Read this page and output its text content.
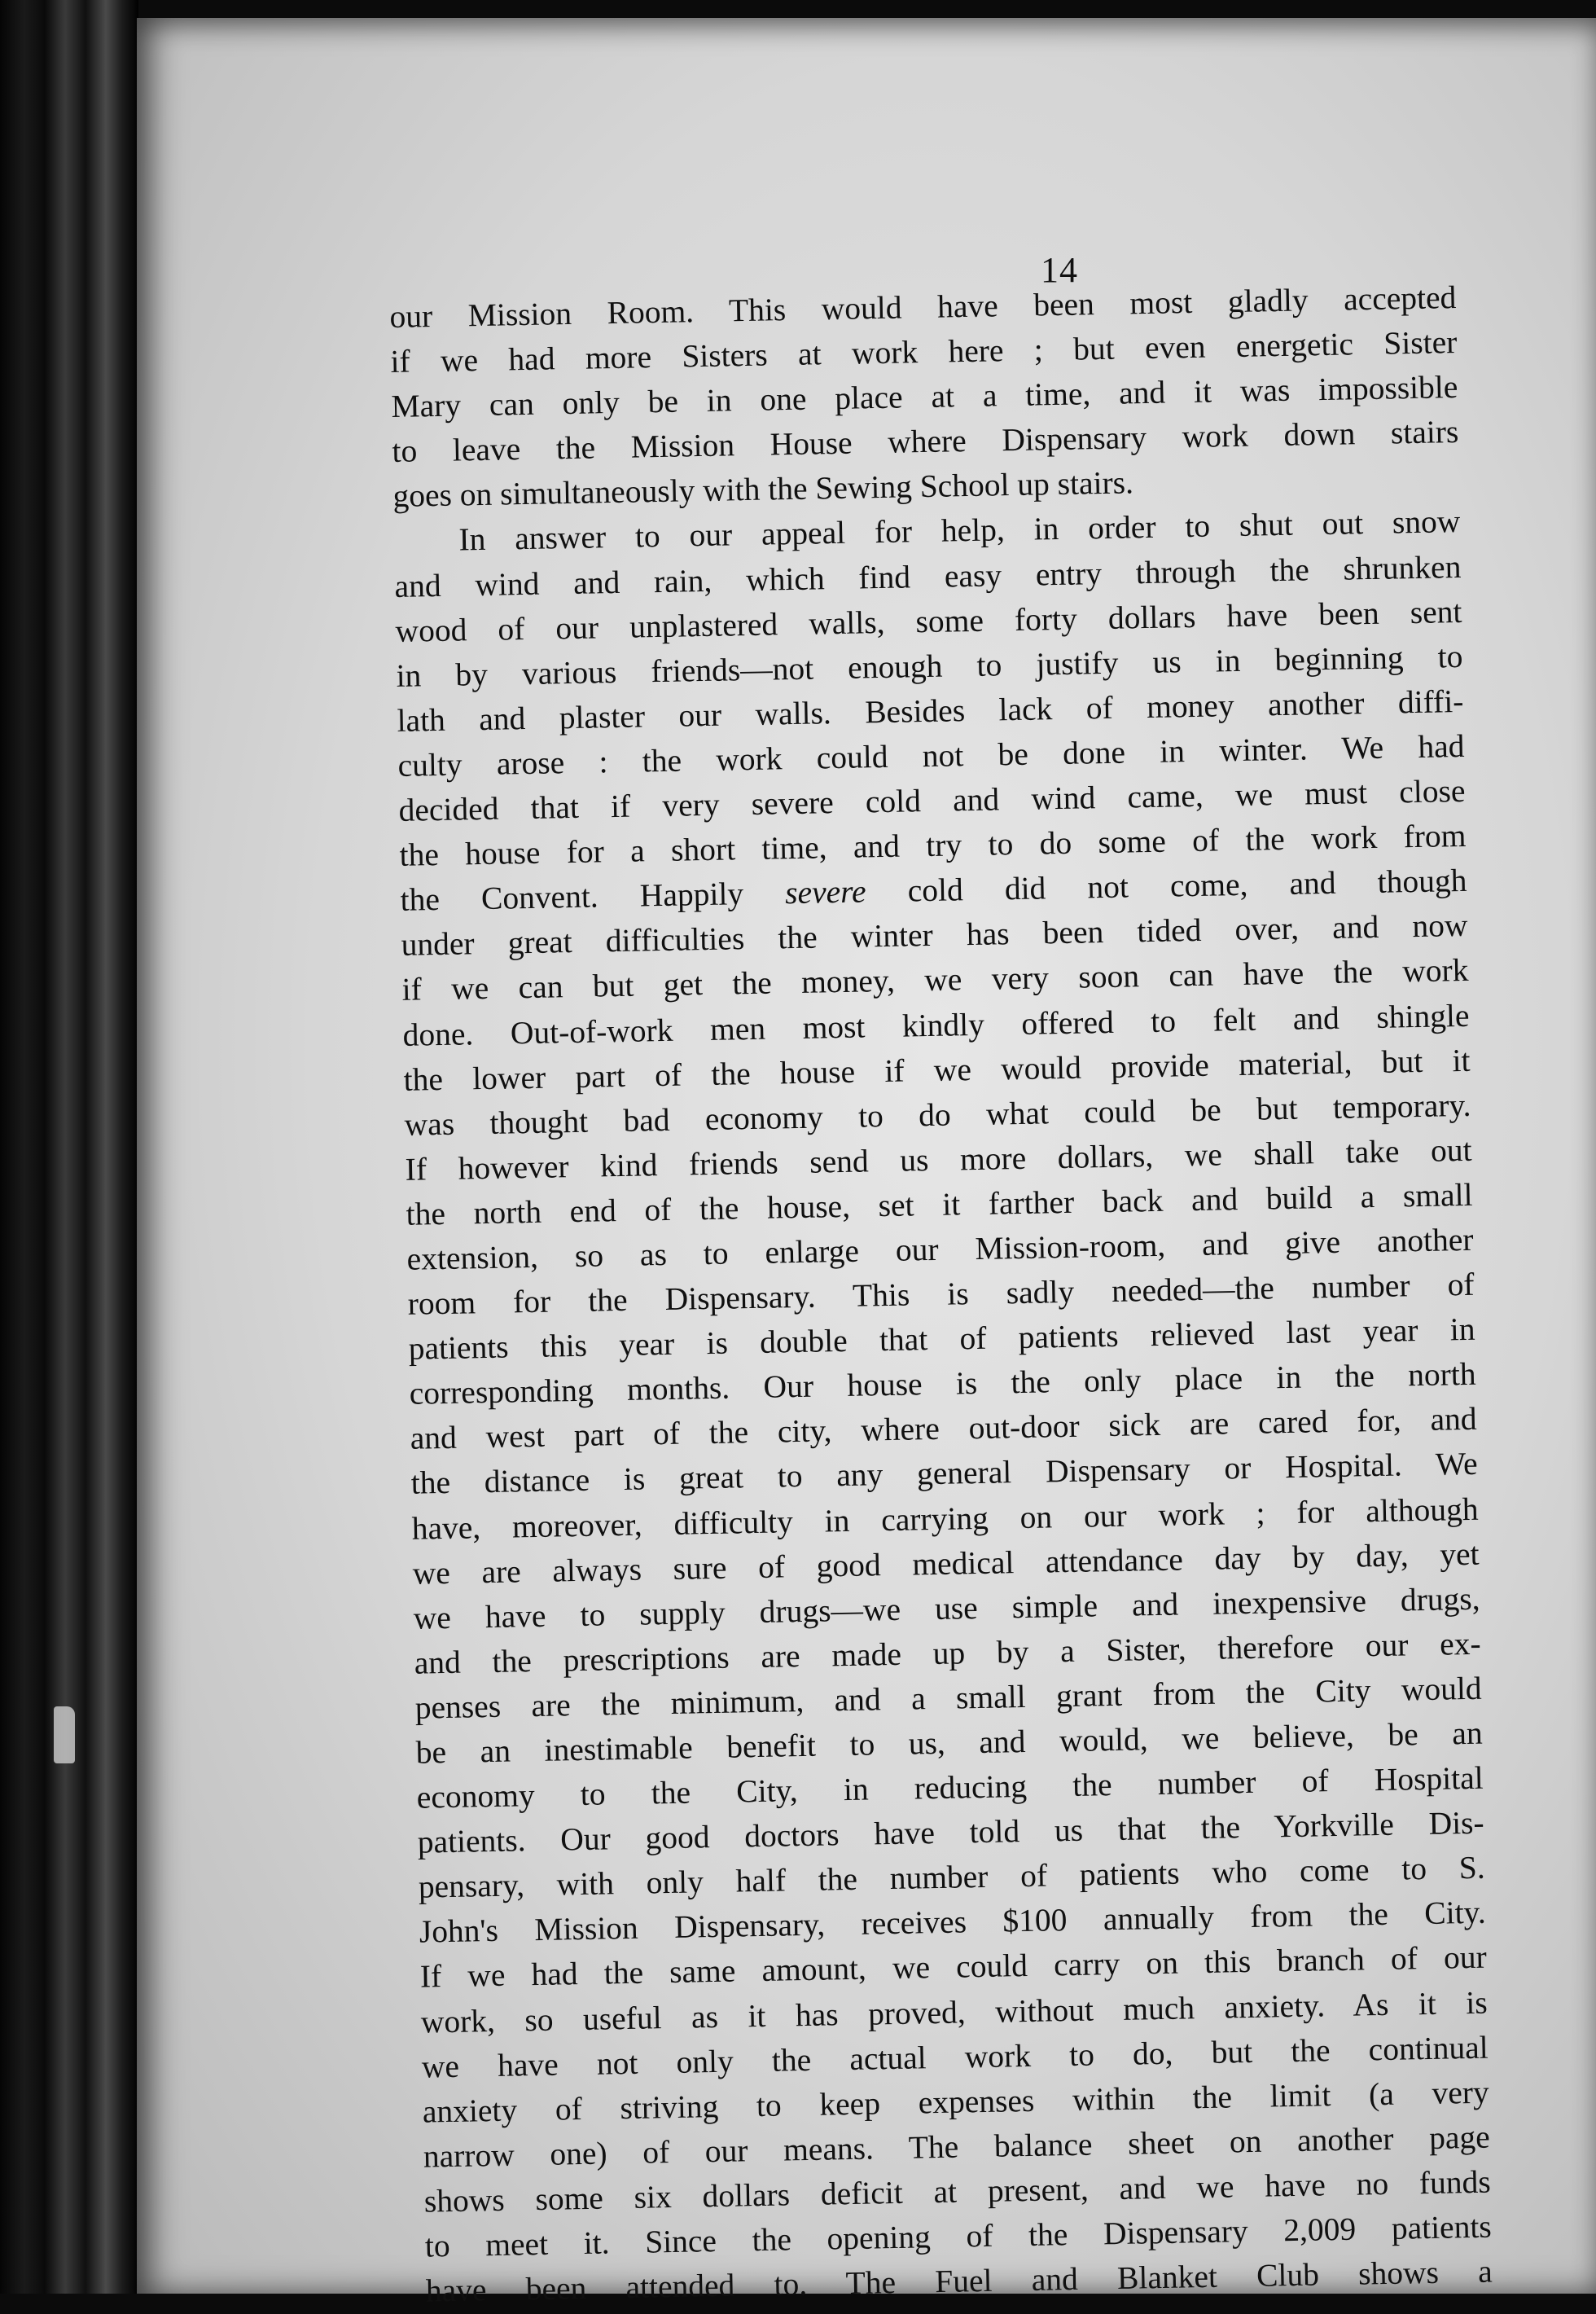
14
our Mission Room. This would have been most gladly accepted
if we had more Sisters at work here ; but even energetic Sister
Mary can only be in one place at a time, and it was impossible
to leave the Mission House where Dispensary work down stairs
goes on simultaneously with the Sewing School up stairs.
In answer to our appeal for help, in order to shut out snow
and wind and rain, which find easy entry through the shrunken
wood of our unplastered walls, some forty dollars have been sent
in by various friends—not enough to justify us in beginning to
lath and plaster our walls. Besides lack of money another diffi-
culty arose : the work could not be done in winter. We had
decided that if very severe cold and wind came, we must close
the house for a short time, and try to do some of the work from
the Convent. Happily severe cold did not come, and though
under great difficulties the winter has been tided over, and now
if we can but get the money, we very soon can have the work
done. Out-of-work men most kindly offered to felt and shingle
the lower part of the house if we would provide material, but it
was thought bad economy to do what could be but temporary.
If however kind friends send us more dollars, we shall take out
the north end of the house, set it farther back and build a small
extension, so as to enlarge our Mission-room, and give another
room for the Dispensary. This is sadly needed—the number of
patients this year is double that of patients relieved last year in
corresponding months. Our house is the only place in the north
and west part of the city, where out-door sick are cared for, and
the distance is great to any general Dispensary or Hospital. We
have, moreover, difficulty in carrying on our work ; for although
we are always sure of good medical attendance day by day, yet
we have to supply drugs—we use simple and inexpensive drugs,
and the prescriptions are made up by a Sister, therefore our ex-
penses are the minimum, and a small grant from the City would
be an inestimable benefit to us, and would, we believe, be an
economy to the City, in reducing the number of Hospital
patients. Our good doctors have told us that the Yorkville Dis-
pensary, with only half the number of patients who come to S.
John's Mission Dispensary, receives $100 annually from the City.
If we had the same amount, we could carry on this branch of our
work, so useful as it has proved, without much anxiety. As it is
we have not only the actual work to do, but the continual
anxiety of striving to keep expenses within the limit (a very
narrow one) of our means. The balance sheet on another page
shows some six dollars deficit at present, and we have no funds
to meet it. Since the opening of the Dispensary 2,009 patients
have been attended to. The Fuel and Blanket Club shows a
